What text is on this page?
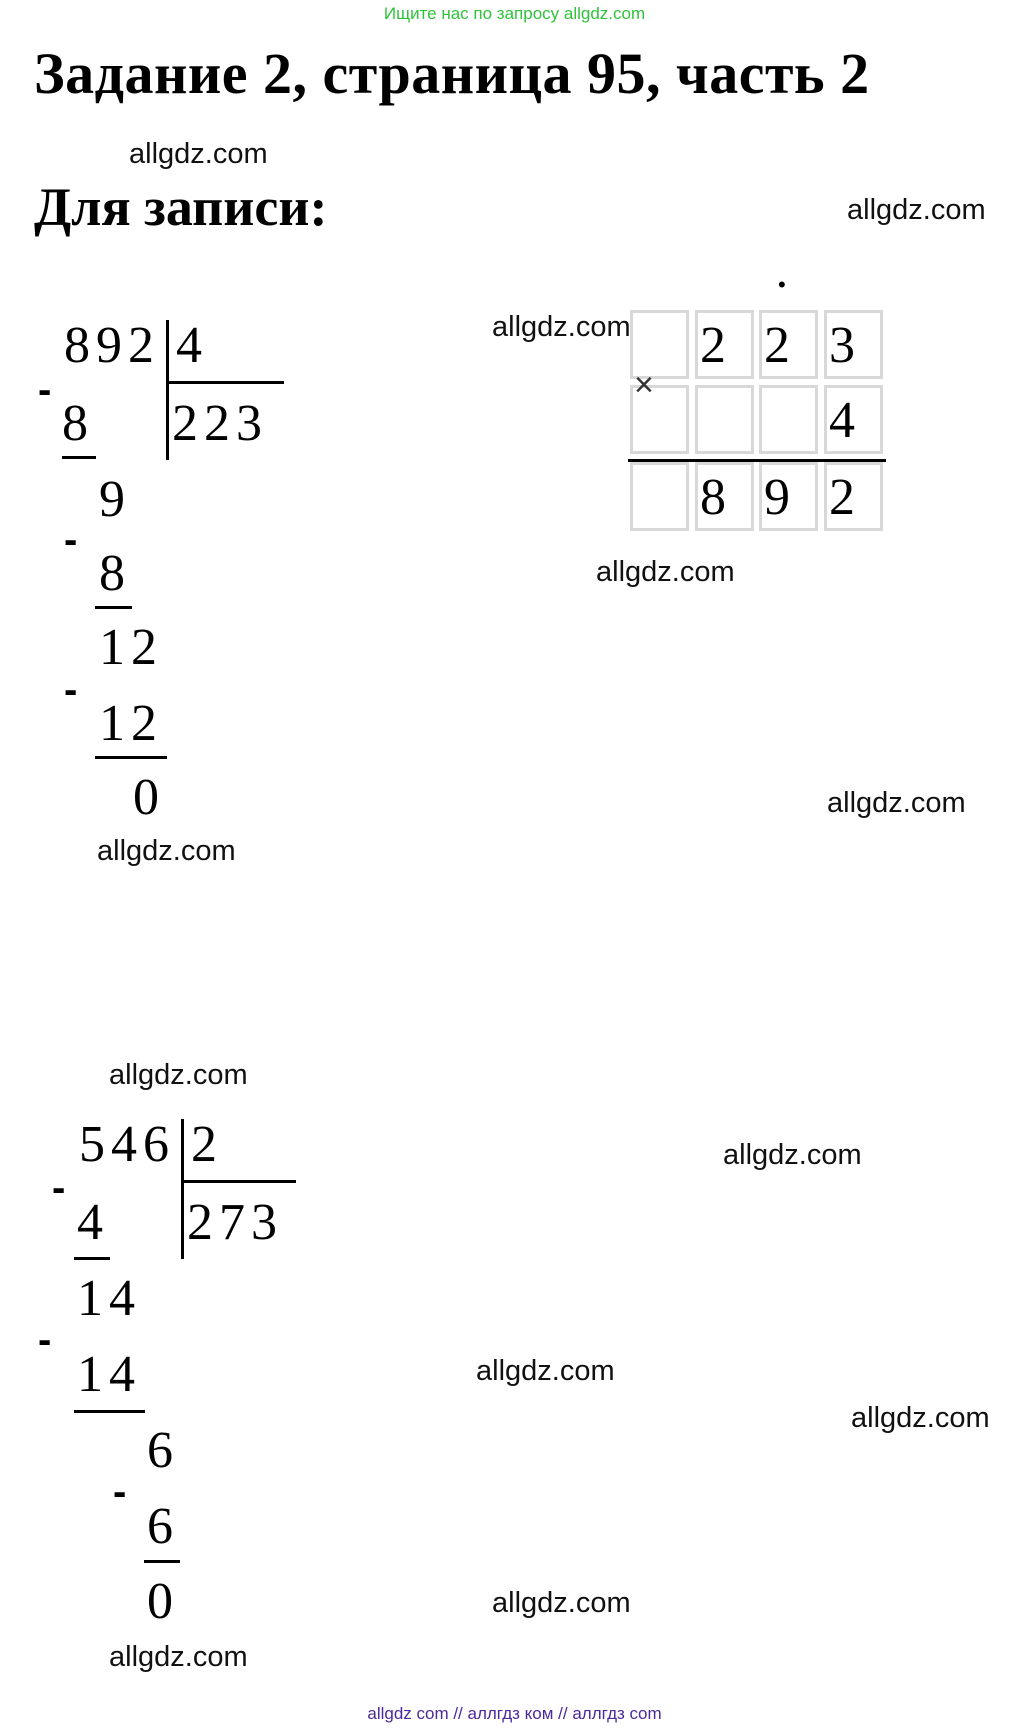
Ищите нас по запросу allgdz.com
Задание 2, страница 95, часть 2
Для записи:
allgdz.com
allgdz.com
allgdz.com
allgdz.com
allgdz.com
allgdz.com
allgdz.com
allgdz.com
allgdz.com
allgdz.com
allgdz.com
allgdz.com
892 4
223
-
8
9
-
8
12
-
12
0
•
2 2 3
4
×
8 9 2
546 2
273
-
4
14
-
14
6
-
6
0
allgdz com // аллгдз ком // аллгдз com
